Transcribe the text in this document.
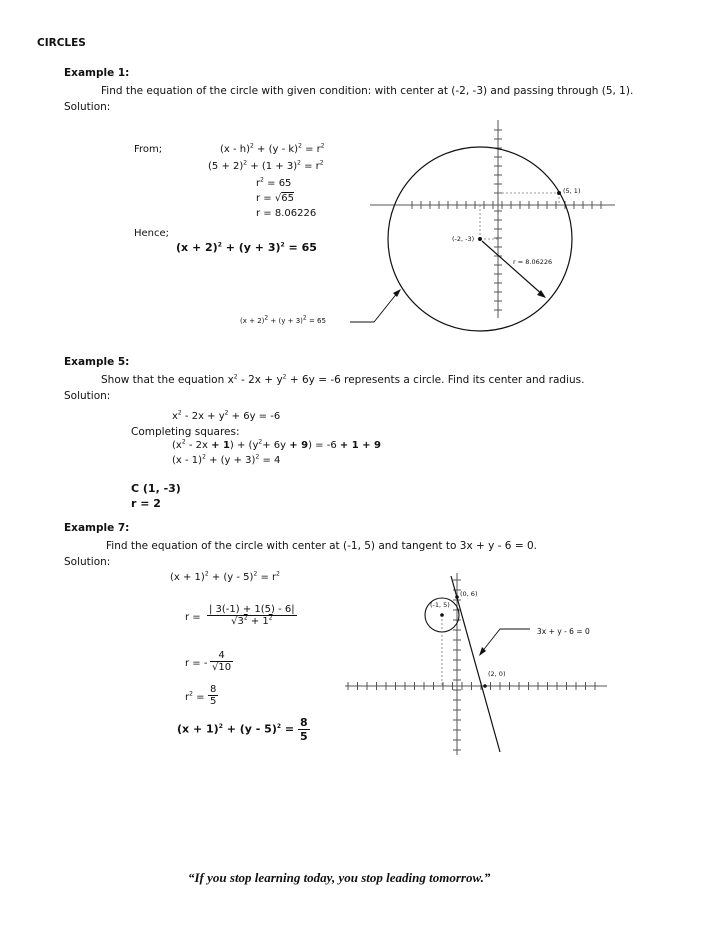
CIRCLES
Example 1:
Find the equation of the circle with given condition: with center at (-2, -3) and passing through (5, 1).
Solution:
From;	$(x - h)^2 + (y - k)^2 = r^2$
$(5 + 2)^2 + (1 + 3)^2 = r^2$
$r^2 = 65$
r = √65
r = 8.06226
Hence;
$(x + 2)^2 + (y + 3)^2 = 65$
(-2, -3)
(5, 1)
r = 8.06226
$(x + 2)^2 + (y + 3)^2 = 65$
Example 5:
Show that the equation $x^2 - 2x + y^2 + 6y = -6$ represents a circle. Find its center and radius.
Solution:
$x^2 - 2x + y^2 + 6y = -6$
Completing squares:
$(x^2 - 2x + 1) + (y^2+ 6y + 9) = -6 + 1 + 9$
$(x - 1)^2 + (y + 3)^2 = 4$
C (1, -3)
r = 2
Example 7:
Find the equation of the circle with center at (-1, 5) and tangent to 3x + y - 6 = 0.
Solution:
$(x + 1)^2 + (y - 5)^2 = r^2$
$r = \frac{| 3(-1) + 1(5) - 6|}{√3^2 + 1^2}$
r = - $\frac{4}{√10}$
$r^2 = \frac{8}{5}$
$(x + 1)^2 + (y - 5)^2 = \frac{8}{5}$
(-1, 5)
(0, 6)
(2, 0)
3x + y - 6 = 0
“If you stop learning today, you stop leading tomorrow.”
